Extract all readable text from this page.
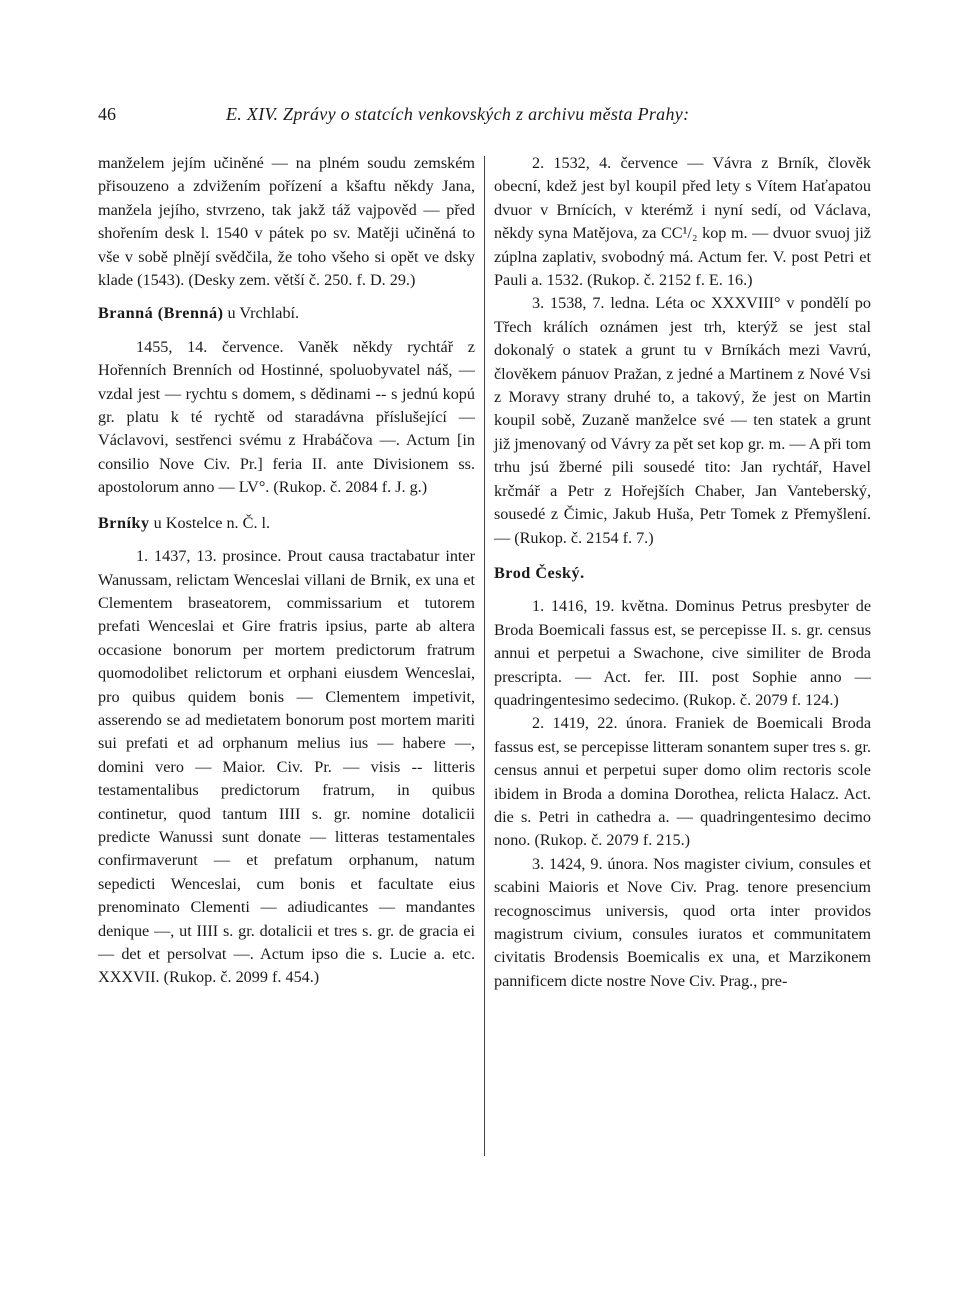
46	E. XIV. Zprávy o statcích venkovských z archivu města Prahy:

manželem jejím učiněné — na plném soudu zemském přisouzeno a zdvižením pořízení a kšaftu někdy Jana, manžela jejího, stvrzeno, tak jakž táž vajpověd — před shořením desk l. 1540 v pátek po sv. Matěji učiněná to vše v sobě plnějí svědčila, že toho všeho si opět ve dsky klade (1543). (Desky zem. větší č. 250. f. D. 29.)

Branná (Brenná) u Vrchlabí.

1455, 14. července. Vaněk někdy rychtář z Hořenních Brenních od Hostinné, spoluobyvatel náš, — vzdal jest — rychtu s domem, s dědinami -- s jednú kopú gr. platu k té rychtě od staradávna příslušející — Václavovi, sestřenci svému z Hrabáčova —. Actum [in consilio Nove Civ. Pr.] feria II. ante Divisionem ss. apostolorum anno — LV°. (Rukop. č. 2084 f. J. g.)

Brníky u Kostelce n. Č. l.

1. 1437, 13. prosince. Prout causa tractabatur inter Wanussam, relictam Wenceslai villani de Brnik, ex una et Clementem braseatorem, commissarium et tutorem prefati Wenceslai et Gire fratris ipsius, parte ab altera occasione bonorum per mortem predictorum fratrum quomodolibet relictorum et orphani eiusdem Wenceslai, pro quibus quidem bonis — Clementem impetivit, asserendo se ad medietatem bonorum post mortem mariti sui prefati et ad orphanum melius ius — habere —, domini vero — Maior. Civ. Pr. — visis -- litteris testamentalibus predictorum fratrum, in quibus continetur, quod tantum IIII s. gr. nomine dotalicii predicte Wanussi sunt donate — litteras testamentales confirmaverunt — et prefatum orphanum, natum sepedicti Wenceslai, cum bonis et facultate eius prenominato Clementi — adiudicantes — mandantes denique —, ut IIII s. gr. dotalicii et tres s. gr. de gracia ei — det et persolvat —. Actum ipso die s. Lucie a. etc. XXXVII. (Rukop. č. 2099 f. 454.)

2. 1532, 4. července — Vávra z Brník, člověk obecní, kdež jest byl koupil před lety s Vítem Haťapatou dvuor v Brnících, v kterémž i nyní sedí, od Václava, někdy syna Matějova, za CC¹/₂ kop m. — dvuor svuoj již zúplna zaplativ, svobodný má. Actum fer. V. post Petri et Pauli a. 1532. (Rukop. č. 2152 f. E. 16.)

3. 1538, 7. ledna. Léta oc XXXVIII° v pondělí po Třech králích oznámen jest trh, kterýž se jest stal dokonalý o statek a grunt tu v Brníkách mezi Vavrú, člověkem pánuov Pražan, z jedné a Martinem z Nové Vsi z Moravy strany druhé to, a takový, že jest on Martin koupil sobě, Zuzaně manželce své — ten statek a grunt již jmenovaný od Vávry za pět set kop gr. m. — A při tom trhu jsú žberné pili sousedé tito: Jan rychtář, Havel krčmář a Petr z Hořejších Chaber, Jan Vanteberský, sousedé z Čimic, Jakub Huša, Petr Tomek z Přemyšlení. — (Rukop. č. 2154 f. 7.)

Brod Český.

1. 1416, 19. května. Dominus Petrus presbyter de Broda Boemicali fassus est, se percepisse II. s. gr. census annui et perpetui a Swachone, cive similiter de Broda prescripta. — Act. fer. III. post Sophie anno — quadringentesimo sedecimo. (Rukop. č. 2079 f. 124.)

2. 1419, 22. února. Franiek de Boemicali Broda fassus est, se percepisse litteram sonantem super tres s. gr. census annui et perpetui super domo olim rectoris scole ibidem in Broda a domina Dorothea, relicta Halacz. Act. die s. Petri in cathedra a. — quadringentesimo decimo nono. (Rukop. č. 2079 f. 215.)

3. 1424, 9. února. Nos magister civium, consules et scabini Maioris et Nove Civ. Prag. tenore presencium recognoscimus universis, quod orta inter providos magistrum civium, consules iuratos et communitatem civitatis Brodensis Boemicalis ex una, et Marzikonem pannificem dicte nostre Nove Civ. Prag., pre-
